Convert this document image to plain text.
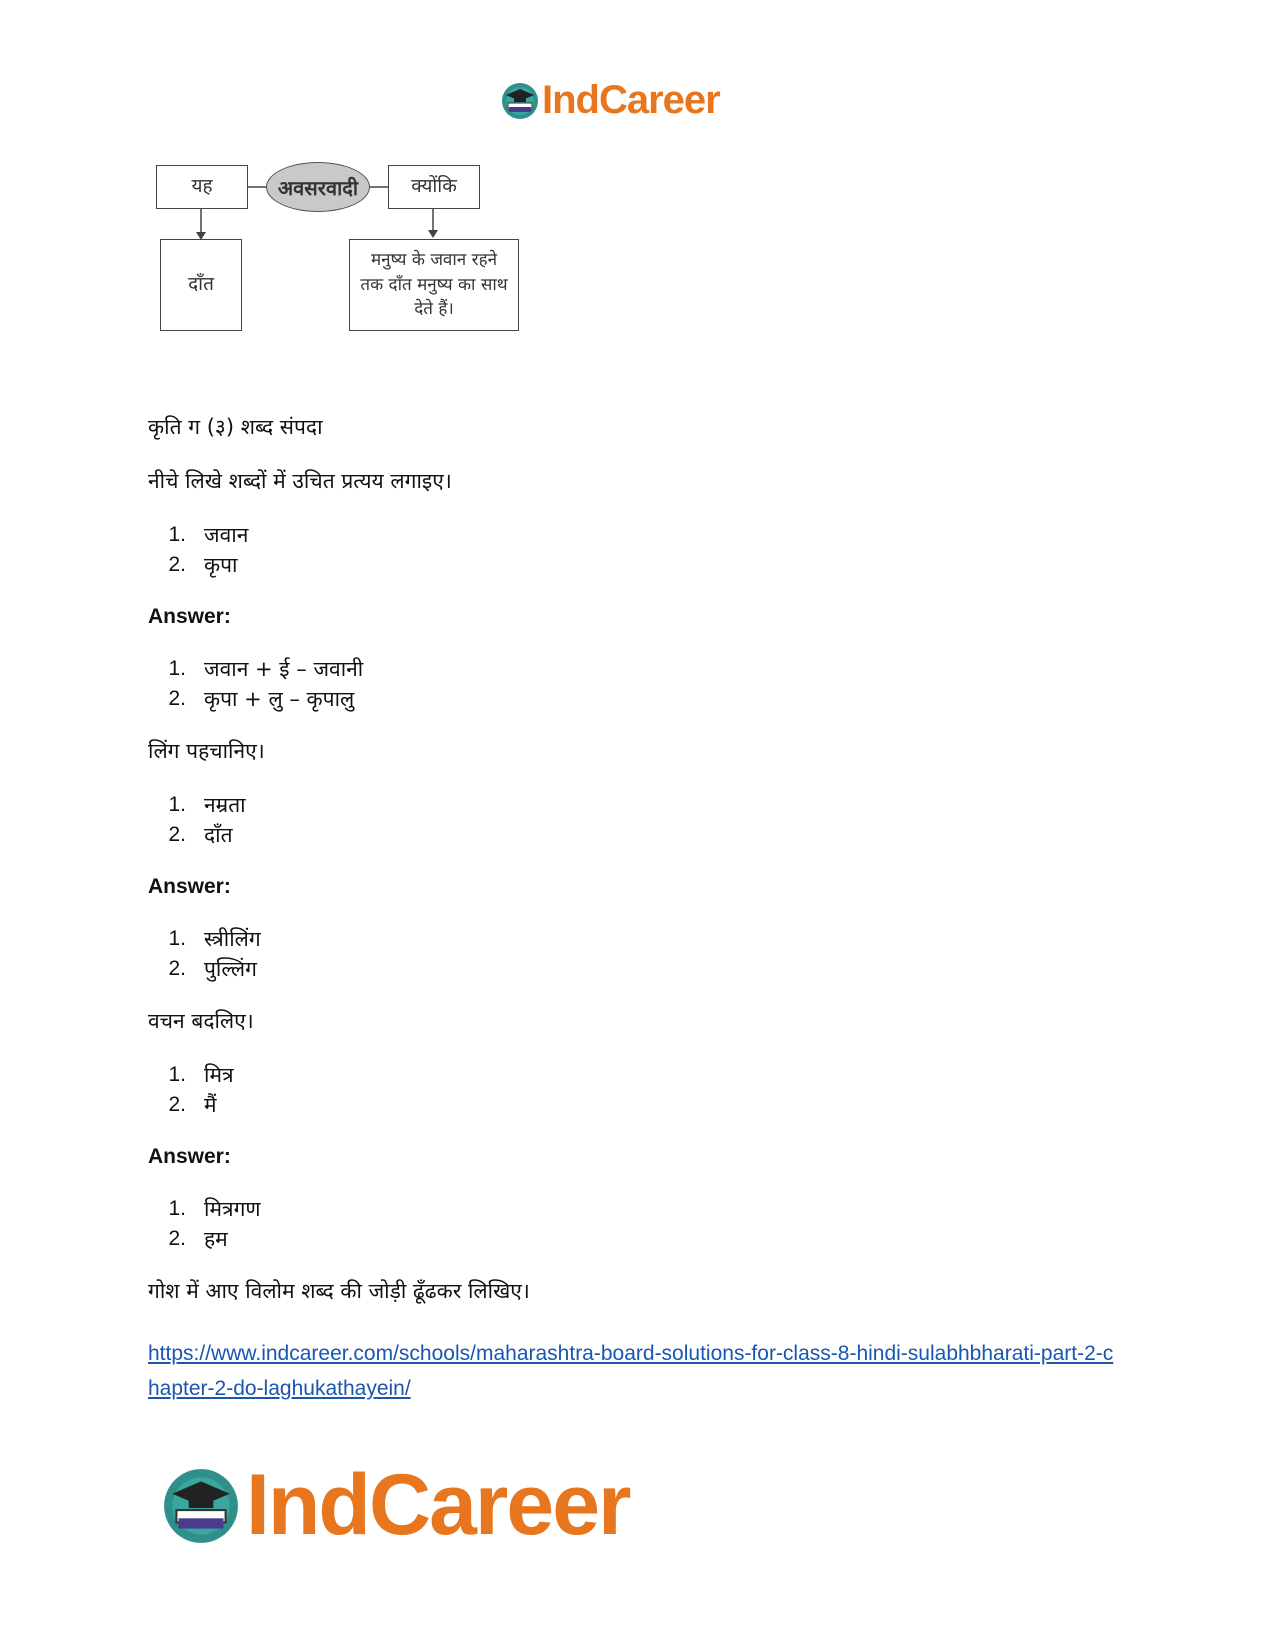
IndCareer
यह	अवसरवादी	क्योंकि
दाँत
मनुष्य के जवान रहने तक दाँत मनुष्य का साथ देते हैं।

कृति ग (३) शब्द संपदा

नीचे लिखे शब्दों में उचित प्रत्यय लगाइए।

1. जवान
2. कृपा

Answer:

1. जवान + ई – जवानी
2. कृपा + लु – कृपालु

लिंग पहचानिए।

1. नम्रता
2. दाँत

Answer:

1. स्त्रीलिंग
2. पुल्लिंग

वचन बदलिए।

1. मित्र
2. मैं

Answer:

1. मित्रगण
2. हम

गोश में आए विलोम शब्द की जोड़ी ढूँढकर लिखिए।

https://www.indcareer.com/schools/maharashtra-board-solutions-for-class-8-hindi-sulabhbharati-part-2-chapter-2-do-laghukathayein/
IndCareer
